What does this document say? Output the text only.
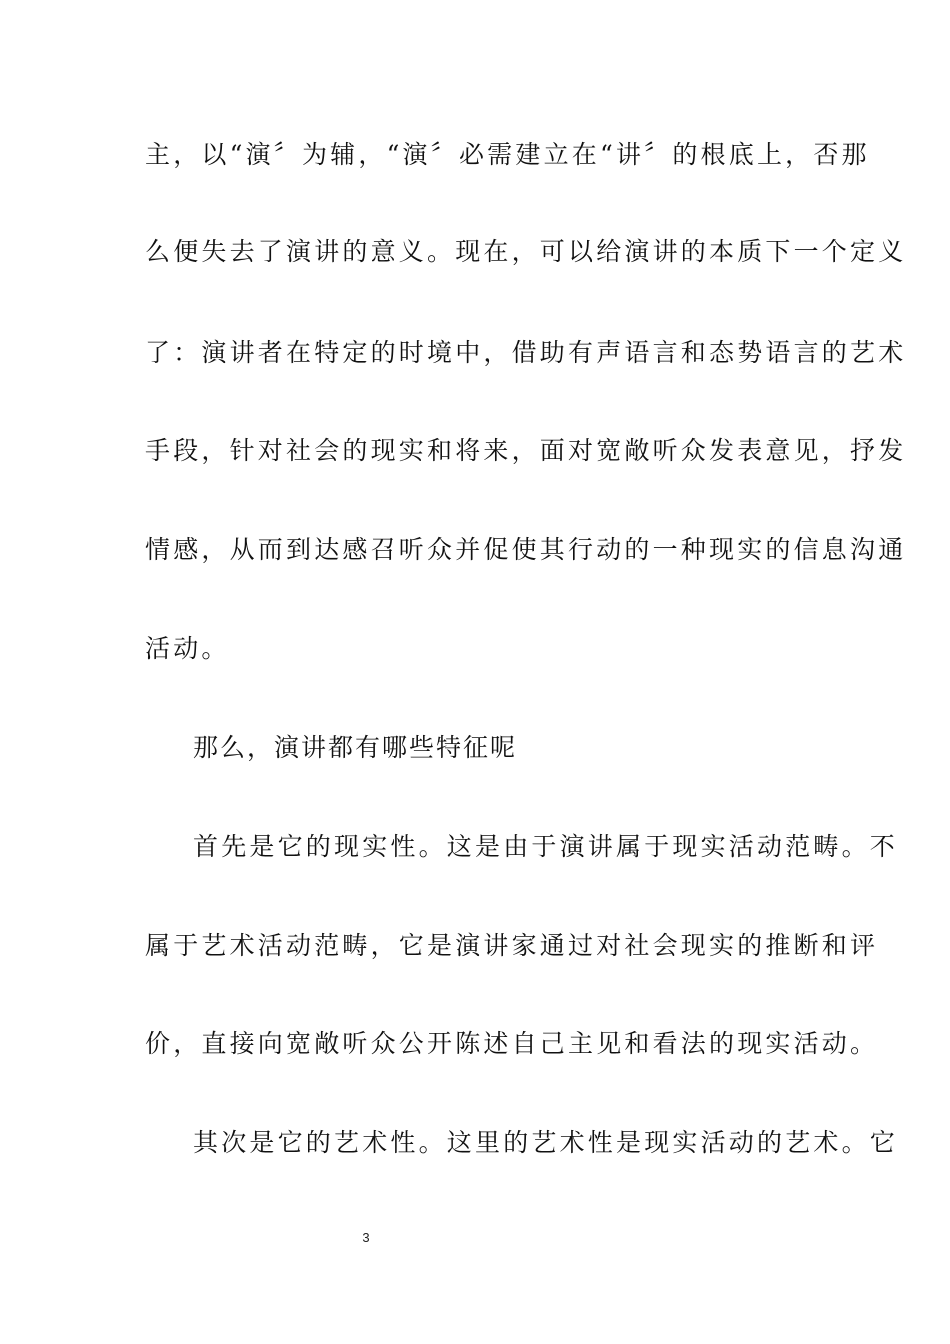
主，以“演〞为辅，“演〞必需建立在“讲〞的根底上，否那
么便失去了演讲的意义。现在，可以给演讲的本质下一个定义
了：演讲者在特定的时境中，借助有声语言和态势语言的艺术
手段，针对社会的现实和将来，面对宽敞听众发表意见，抒发
情感，从而到达感召听众并促使其行动的一种现实的信息沟通
活动。
那么，演讲都有哪些特征呢
首先是它的现实性。这是由于演讲属于现实活动范畴。不
属于艺术活动范畴，它是演讲家通过对社会现实的推断和评
价，直接向宽敞听众公开陈述自己主见和看法的现实活动。
其次是它的艺术性。这里的艺术性是现实活动的艺术。它
3
